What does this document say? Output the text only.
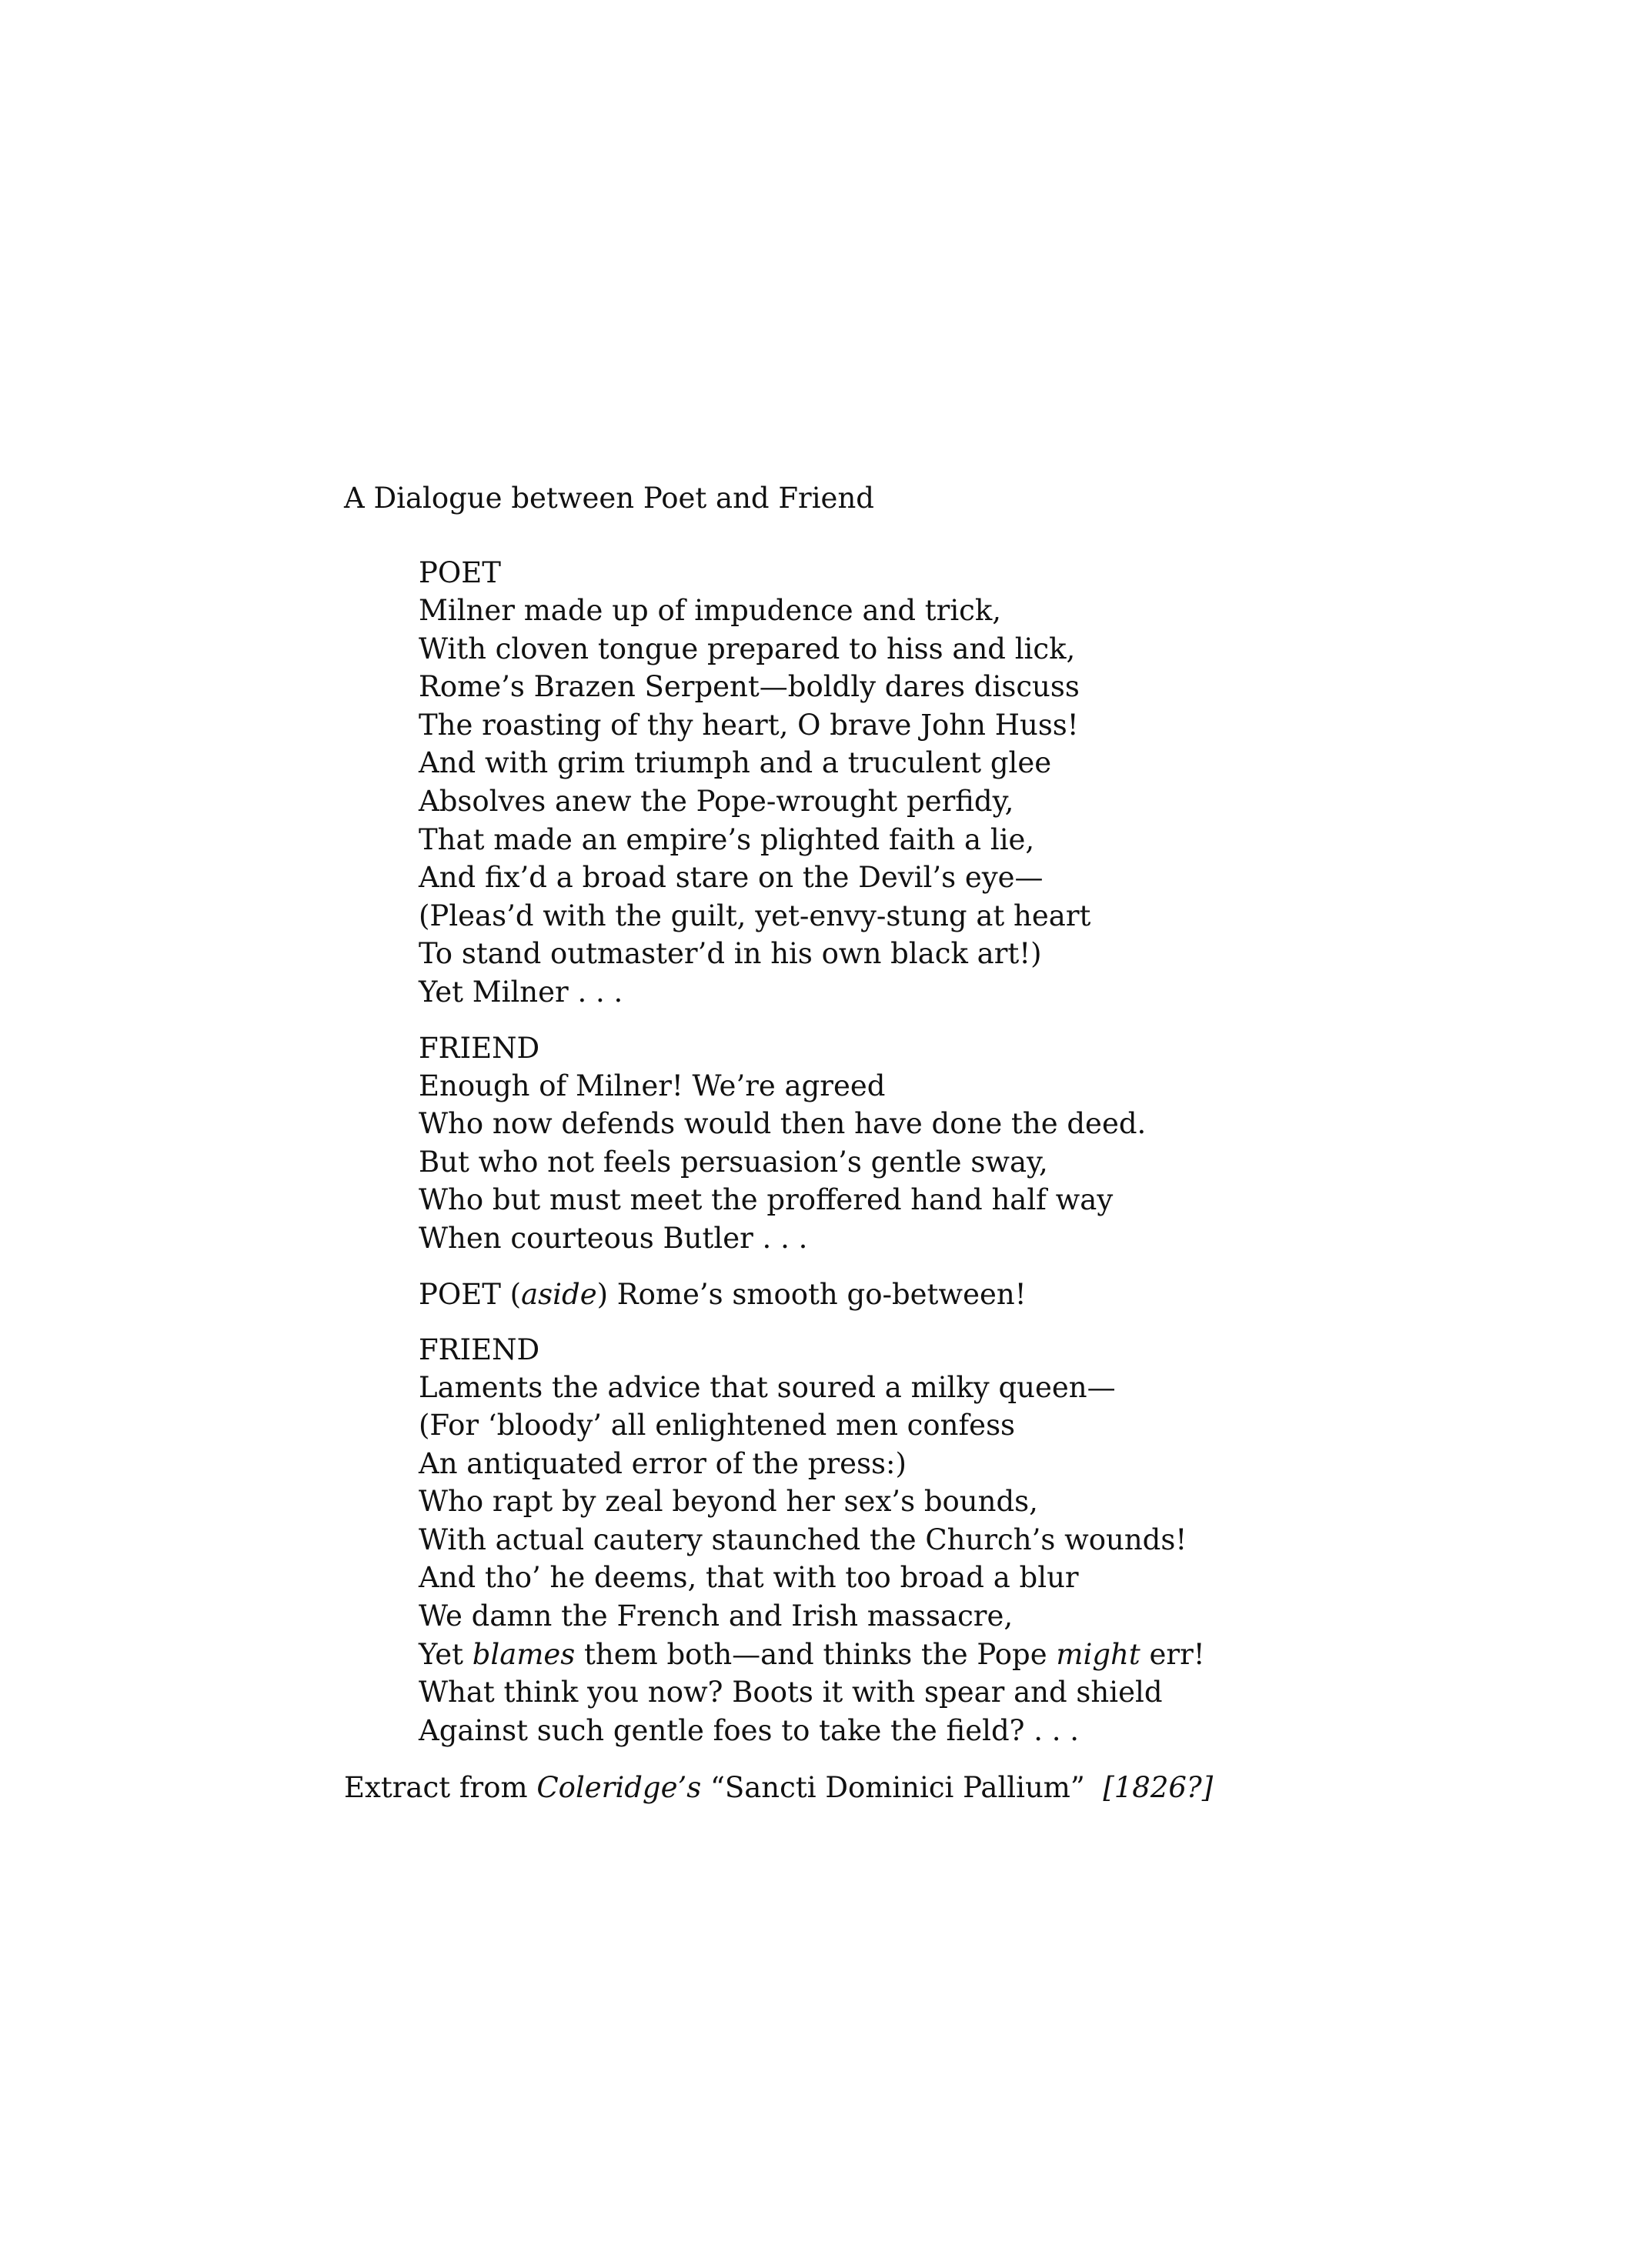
A Dialogue between Poet and Friend
POET
Milner made up of impudence and trick,
With cloven tongue prepared to hiss and lick,
Rome’s Brazen Serpent—boldly dares discuss
The roasting of thy heart, O brave John Huss!
And with grim triumph and a truculent glee
Absolves anew the Pope-wrought perfidy,
That made an empire’s plighted faith a lie,
And fix’d a broad stare on the Devil’s eye—
(Pleas’d with the guilt, yet-envy-stung at heart
To stand outmaster’d in his own black art!)
Yet Milner . . .
FRIEND
Enough of Milner! We’re agreed
Who now defends would then have done the deed.
But who not feels persuasion’s gentle sway,
Who but must meet the proffered hand half way
When courteous Butler . . .
POET (aside) Rome’s smooth go-between!
FRIEND
Laments the advice that soured a milky queen—
(For ‘bloody’ all enlightened men confess
An antiquated error of the press:)
Who rapt by zeal beyond her sex’s bounds,
With actual cautery staunched the Church’s wounds!
And tho’ he deems, that with too broad a blur
We damn the French and Irish massacre,
Yet blames them both—and thinks the Pope might err!
What think you now? Boots it with spear and shield
Against such gentle foes to take the field? . . .
Extract from Coleridge’s “Sancti Dominici Pallium”  [1826?]
